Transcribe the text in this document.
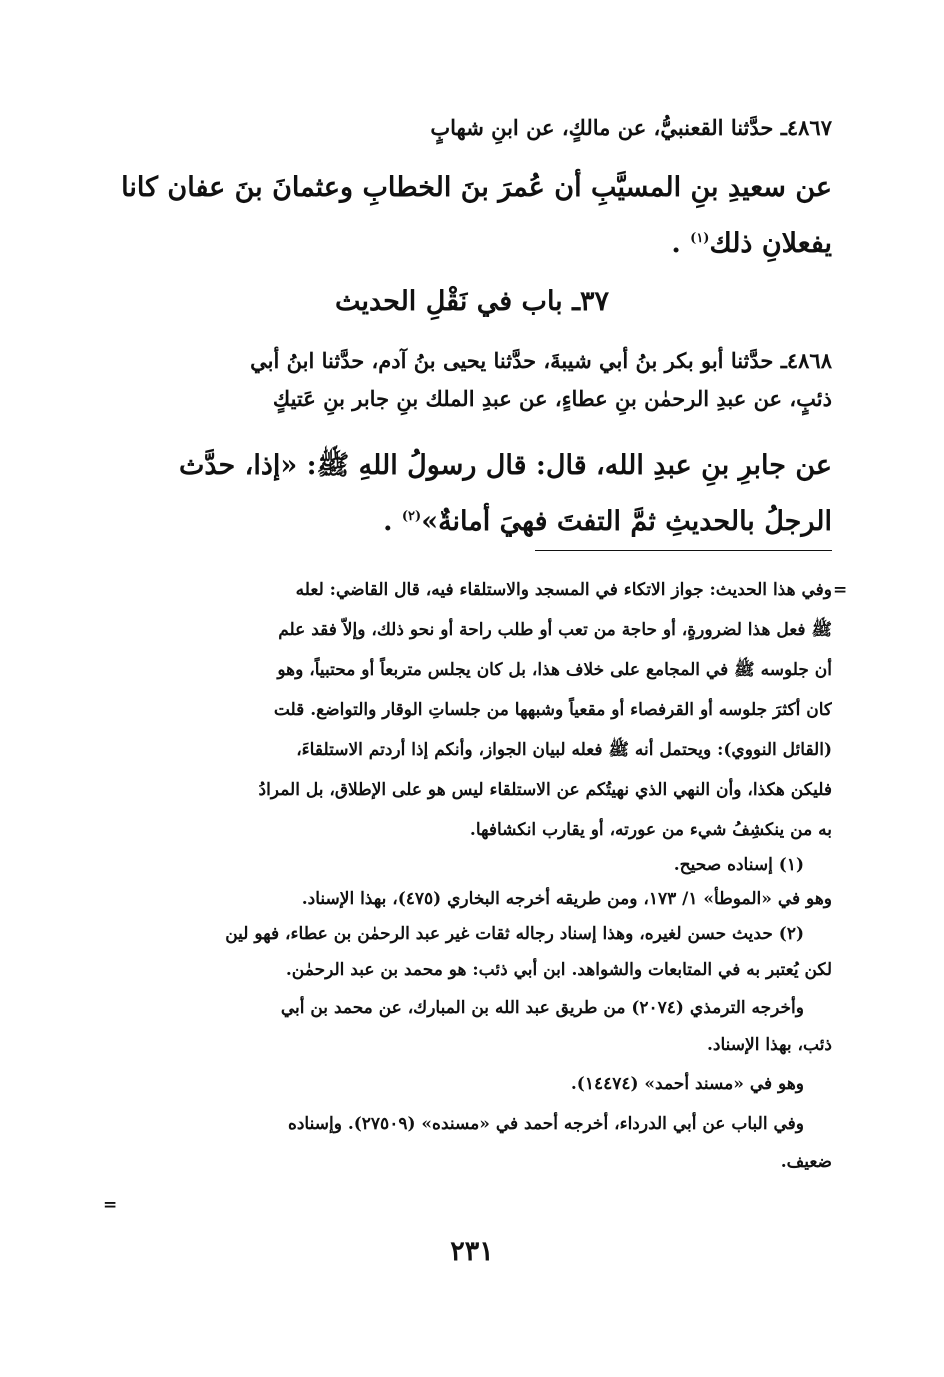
٤٨٦٧ـ حدَّثنا القعنبيُّ، عن مالكٍ، عن ابنِ شهابٍ
عن سعيدِ بنِ المسيَّبِ أن عُمرَ بنَ الخطابِ وعثمانَ بنَ عفان كانا
يفعلانِ ذلك$^{(١)}$ .
٣٧ـ باب في نَقْلِ الحديث
٤٨٦٨ـ حدَّثنا أبو بكر بنُ أبي شيبةَ، حدَّثنا يحيى بنُ آدم، حدَّثنا ابنُ أبي
ذئبٍ، عن عبدِ الرحمٰن بنِ عطاءٍ، عن عبدِ الملك بنِ جابر بنِ عَتيكٍ
عن جابرِ بنِ عبدِ الله، قال: قال رسولُ اللهِ ﷺ: «إذا، حدَّث
الرجلُ بالحديثِ ثمَّ التفتَ فهيَ أمانةٌ»$^{(٢)}$ .
=
=
وفي هذا الحديث: جواز الاتكاء في المسجد والاستلقاء فيه، قال القاضي: لعله
ﷺ فعل هذا لضرورةٍ، أو حاجة من تعب أو طلب راحة أو نحو ذلك، وإلاّ فقد علم
أن جلوسه ﷺ في المجامع على خلاف هذا، بل كان يجلس متربعاً أو محتبياً، وهو
كان أكثرَ جلوسه أو القرفصاء أو مقعياً وشبهها من جلساتِ الوقار والتواضع. قلت
(القائل النووي): ويحتمل أنه ﷺ فعله لبيان الجواز، وأنكم إذا أردتم الاستلقاءَ،
فليكن هكذا، وأن النهي الذي نهيتُكم عن الاستلقاء ليس هو على الإطلاق، بل المرادُ
به من ينكشِفُ شيء من عورته، أو يقارب انكشافها.
(١) إسناده صحيح.
وهو في «الموطأ» ١/ ١٧٣، ومن طريقه أخرجه البخاري (٤٧٥)، بهذا الإسناد.
(٢) حديث حسن لغيره، وهذا إسناد رجاله ثقات غير عبد الرحمٰن بن عطاء، فهو لين
لكن يُعتبر به في المتابعات والشواهد. ابن أبي ذئب: هو محمد بن عبد الرحمٰن.
وأخرجه الترمذي (٢٠٧٤) من طريق عبد الله بن المبارك، عن محمد بن أبي
ذئب، بهذا الإسناد.
وهو في «مسند أحمد» (١٤٤٧٤).
وفي الباب عن أبي الدرداء، أخرجه أحمد في «مسنده» (٢٧٥٠٩). وإسناده
ضعيف.
٢٣١
